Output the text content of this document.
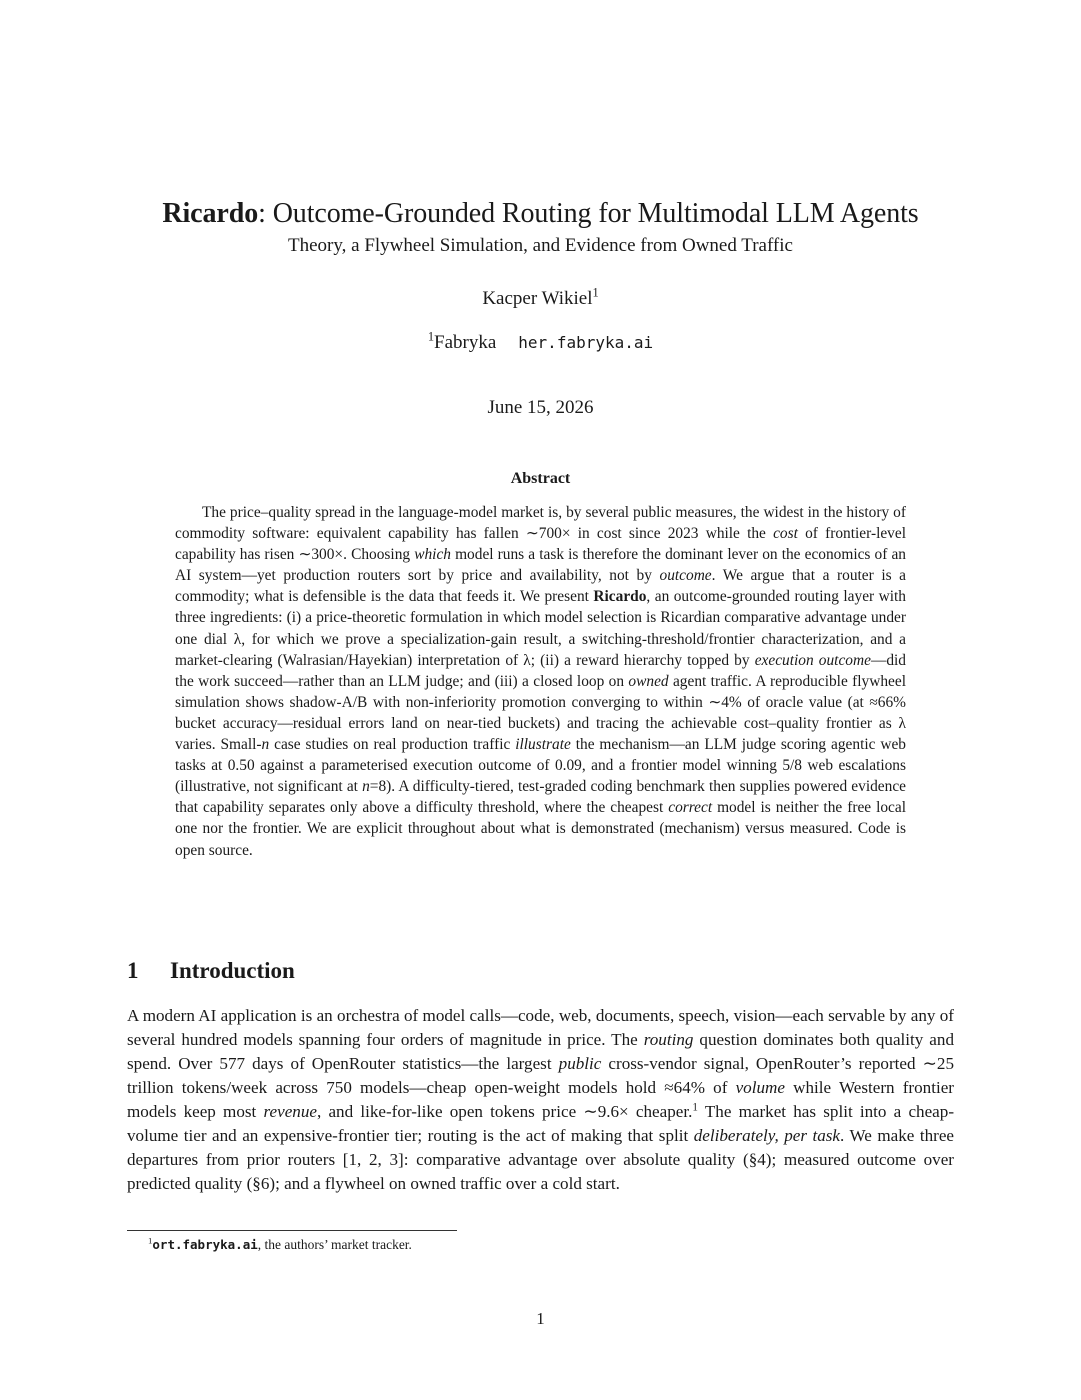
Ricardo: Outcome-Grounded Routing for Multimodal LLM Agents
Theory, a Flywheel Simulation, and Evidence from Owned Traffic
Kacper Wikiel$^1$
$^1$Fabryka her.fabryka.ai
June 15, 2026
Abstract
The price–quality spread in the language-model market is, by several public measures, the widest in the history of commodity software: equivalent capability has fallen ∼700× in cost since 2023 while the cost of frontier-level capability has risen ∼300×. Choosing which model runs a task is therefore the dominant lever on the economics of an AI system—yet production routers sort by price and availability, not by outcome. We argue that a router is a commodity; what is defensible is the data that feeds it. We present Ricardo, an outcome-grounded routing layer with three ingredients: (i) a price-theoretic formulation in which model selection is Ricardian comparative advantage under one dial λ, for which we prove a specialization-gain result, a switching-threshold/frontier characterization, and a market-clearing (Walrasian/Hayekian) interpretation of λ; (ii) a reward hierarchy topped by execution outcome—did the work succeed—rather than an LLM judge; and (iii) a closed loop on owned agent traffic. A reproducible flywheel simulation shows shadow-A/B with non-inferiority promotion converging to within ∼4% of oracle value (at ≈66% bucket accuracy—residual errors land on near-tied buckets) and tracing the achievable cost–quality frontier as λ varies. Small-n case studies on real production traffic illustrate the mechanism—an LLM judge scoring agentic web tasks at 0.50 against a parameterised execution outcome of 0.09, and a frontier model winning 5/8 web escalations (illustrative, not significant at n=8). A difficulty-tiered, test-graded coding benchmark then supplies powered evidence that capability separates only above a difficulty threshold, where the cheapest correct model is neither the free local one nor the frontier. We are explicit throughout about what is demonstrated (mechanism) versus measured. Code is open source.
1 Introduction
A modern AI application is an orchestra of model calls—code, web, documents, speech, vision—each servable by any of several hundred models spanning four orders of magnitude in price. The routing question dominates both quality and spend. Over 577 days of OpenRouter statistics—the largest public cross-vendor signal, OpenRouter’s reported ∼25 trillion tokens/week across 750 models—cheap open-weight models hold ≈64% of volume while Western frontier models keep most revenue, and like-for-like open tokens price ∼9.6× cheaper.$^1$ The market has split into a cheap-volume tier and an expensive-frontier tier; routing is the act of making that split deliberately, per task. We make three departures from prior routers [1, 2, 3]: comparative advantage over absolute quality (§4); measured outcome over predicted quality (§6); and a flywheel on owned traffic over a cold start.
$^1$ort.fabryka.ai, the authors’ market tracker.
1
